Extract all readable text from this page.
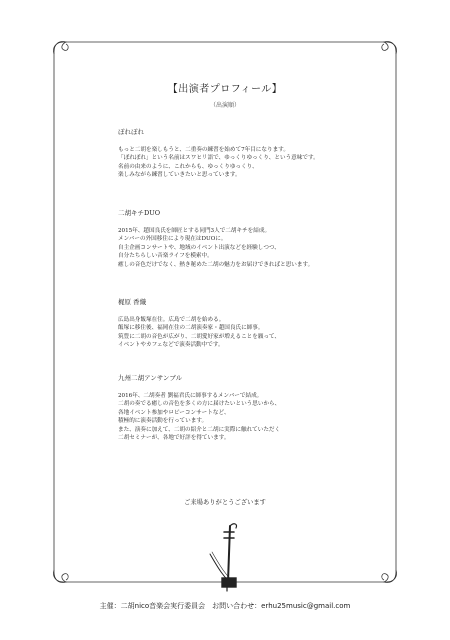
【出演者プロフィール】
（出演順）
ぽれぽれ

もっと二胡を楽しもうと、二重奏の練習を始めて7年目になります。

「ぽれぽれ」という名前はスワヒリ語で、ゆっくりゆっくり、という意味です。

名前の由来のように、これからも、ゆっくりゆっくり、

楽しみながら練習していきたいと思っています。

二胡キチDUO

2015年、趙国良氏を師匠とする同門3人で二胡キチを結成。

メンバーの外国移住により現在はDUOに。

自主企画コンサートや、地域のイベント出演などを経験しつつ、

自分たちらしい音楽ライフを模索中。

癒しの音色だけでなく、熱き秘めた二胡の魅力をお届けできればと思います。

梶原 香織

広島出身飯塚在住。広島で二胡を始める。

飯塚に移住後、福岡在住の二胡演奏家・趙国良氏に師事。

筑豊に二胡の音色が広がり、二胡愛好家が増えることを願って、

イベントやカフェなどで演奏活動中です。

九州二胡アンサンブル

2016年、二胡奏者 劉福君氏に師事するメンバーで結成。

二胡の奏でる癒しの音色を多くの方に届けたいという思いから、

各地イベント参加やロビーコンサートなど、

積極的に演奏活動を行っています。

また、演奏に加えて、二胡の紹介と二胡に実際に触れていただく

二胡セミナーが、各地で好評を得ています。

ご来場ありがとうございます
主催：二胡nico音楽会実行委員会　お問い合わせ：erhu25music@gmail.com
